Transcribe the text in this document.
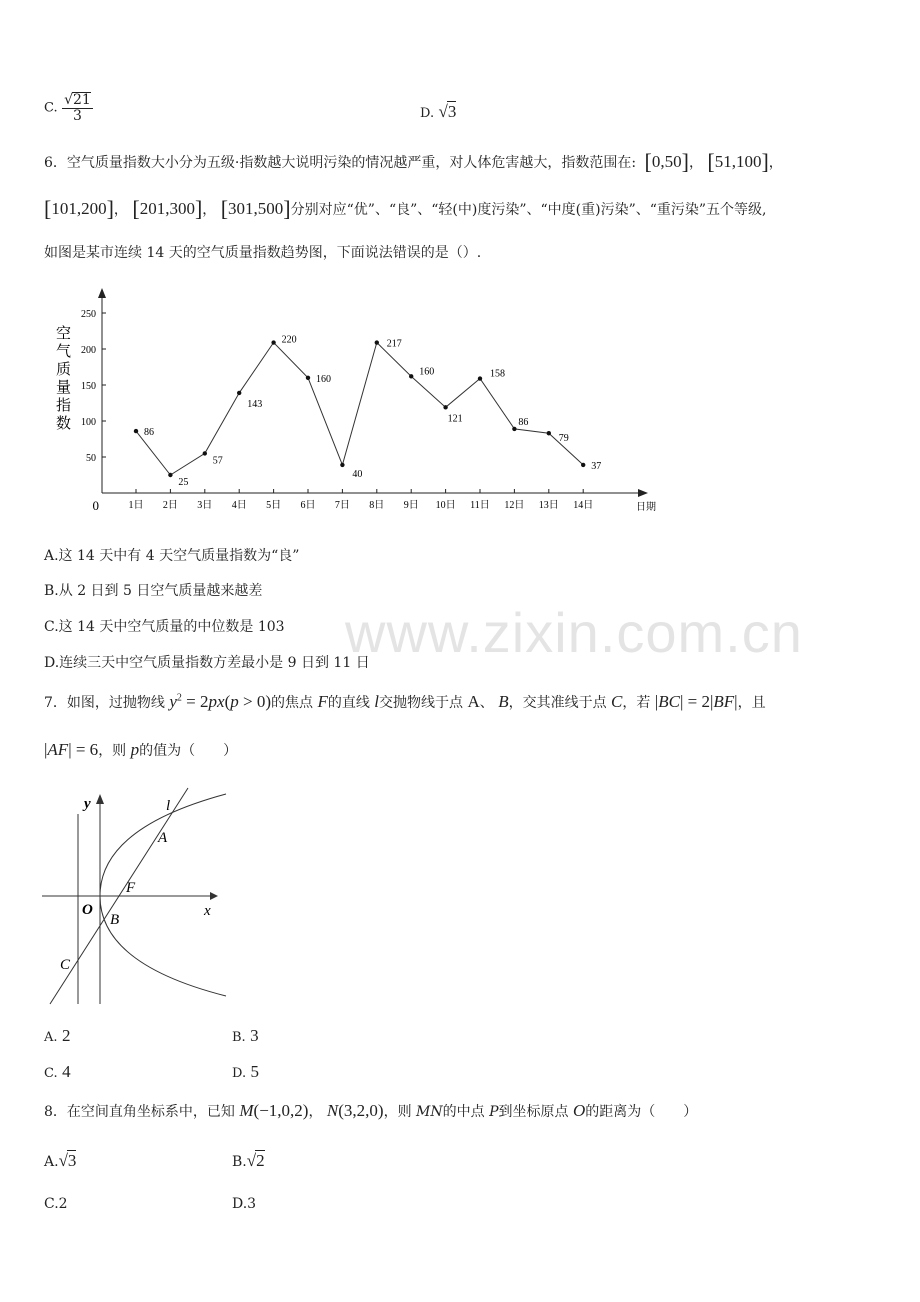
C. $\frac{√21}{3}$	D. √3
6．空气质量指数大小分为五级·指数越大说明污染的情况越严重，对人体危害越大，指数范围在: [0,50]， [51,100]，
[101,200]， [201,300]， [301,500]分别对应“优”、“良”、“轻(中)度污染”、“中度(重)污染”、“重污染”五个等级,
如图是某市连续 14 天的空气质量指数趋势图，下面说法错误的是（）.
空
气
质
量
指
数
0	日期
50
100
150
200
250
1日 2日 3日 4日 5日 6日 7日 8日 9日 10日 11日 12日 13日 14日
86
25
57
143
220
160
40
217
160
121
158
86
79
37
A.这 14 天中有 4 天空气质量指数为“良”
B.从 2 日到 5 日空气质量越来越差
C.这 14 天中空气质量的中位数是 103
D.连续三天中空气质量指数方差最小是 9 日到 11 日
www.zixin.com.cn
7．如图，过抛物线 $y^2 = 2px(p > 0)$的焦点 F的直线 l交抛物线于点 A、 B，交其准线于点 C，若 |BC| = 2|BF|，且
|AF| = 6，则 p的值为（　　）
y	l
A
F
O
B
x
C
A. 2	B. 3
C. 4	D. 5
8．在空间直角坐标系中，已知 M(−1,0,2)， N(3,2,0)，则 MN的中点 P到坐标原点 O的距离为（　　）
A.√3	B.√2
C.2	D.3
